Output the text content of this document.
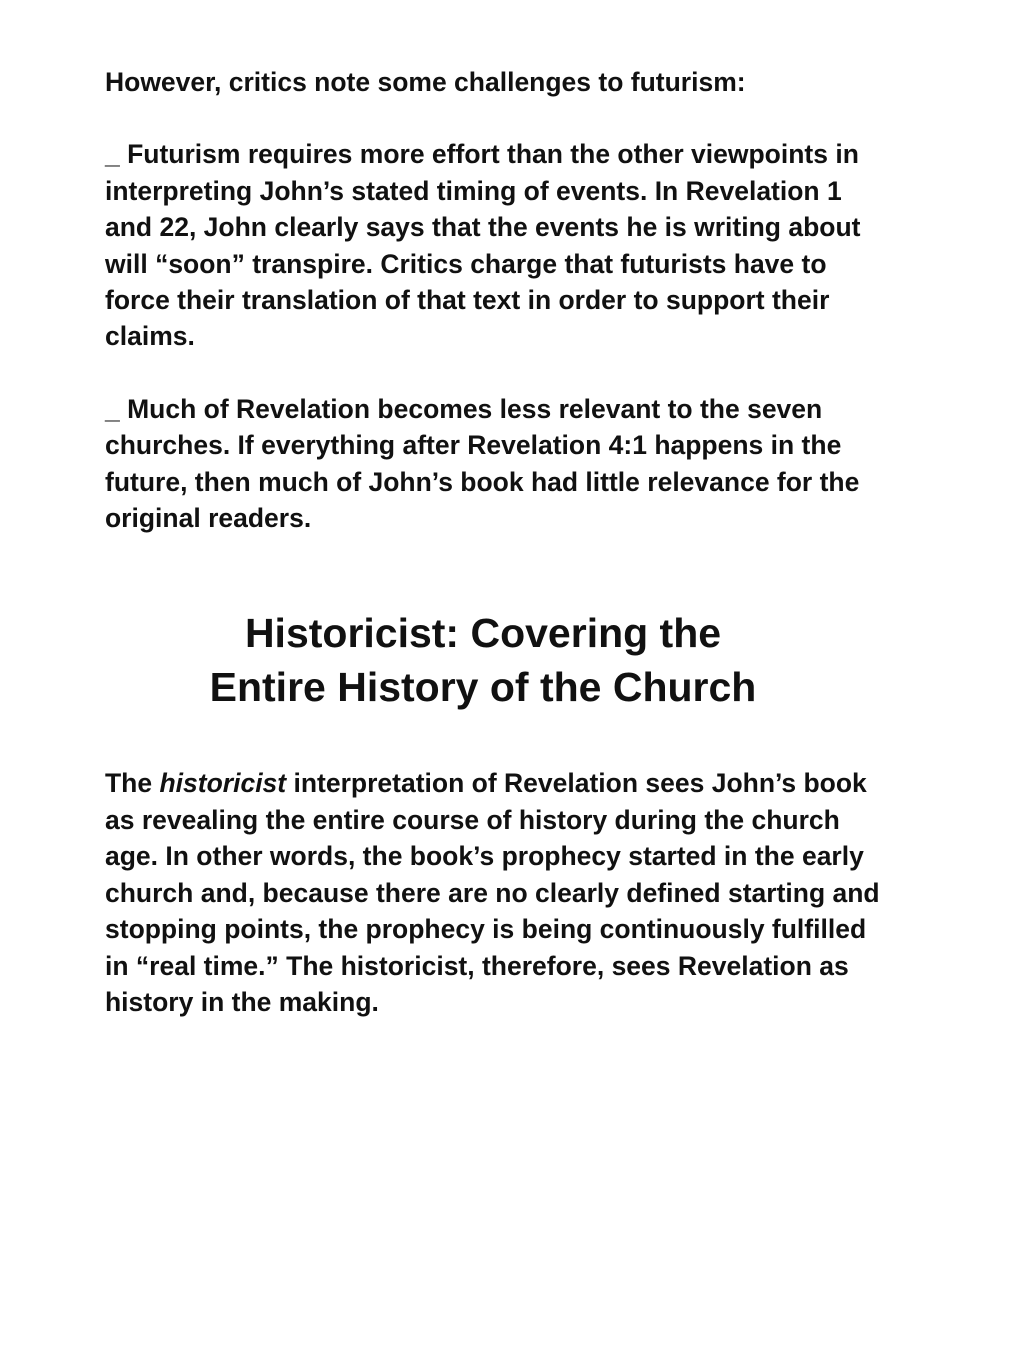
However, critics note some challenges to futurism:

_ Futurism requires more effort than the other viewpoints in interpreting John’s stated timing of events. In Revelation 1 and 22, John clearly says that the events he is writing about will “soon” transpire. Critics charge that futurists have to force their translation of that text in order to support their claims.

_ Much of Revelation becomes less relevant to the seven churches. If everything after Revelation 4:1 happens in the future, then much of John’s book had little relevance for the original readers.

Historicist: Covering the
Entire History of the Church

The historicist interpretation of Revelation sees John’s book as revealing the entire course of history during the church age. In other words, the book’s prophecy started in the early church and, because there are no clearly defined starting and stopping points, the prophecy is being continuously fulfilled in “real time.” The historicist, therefore, sees Revelation as history in the making.
